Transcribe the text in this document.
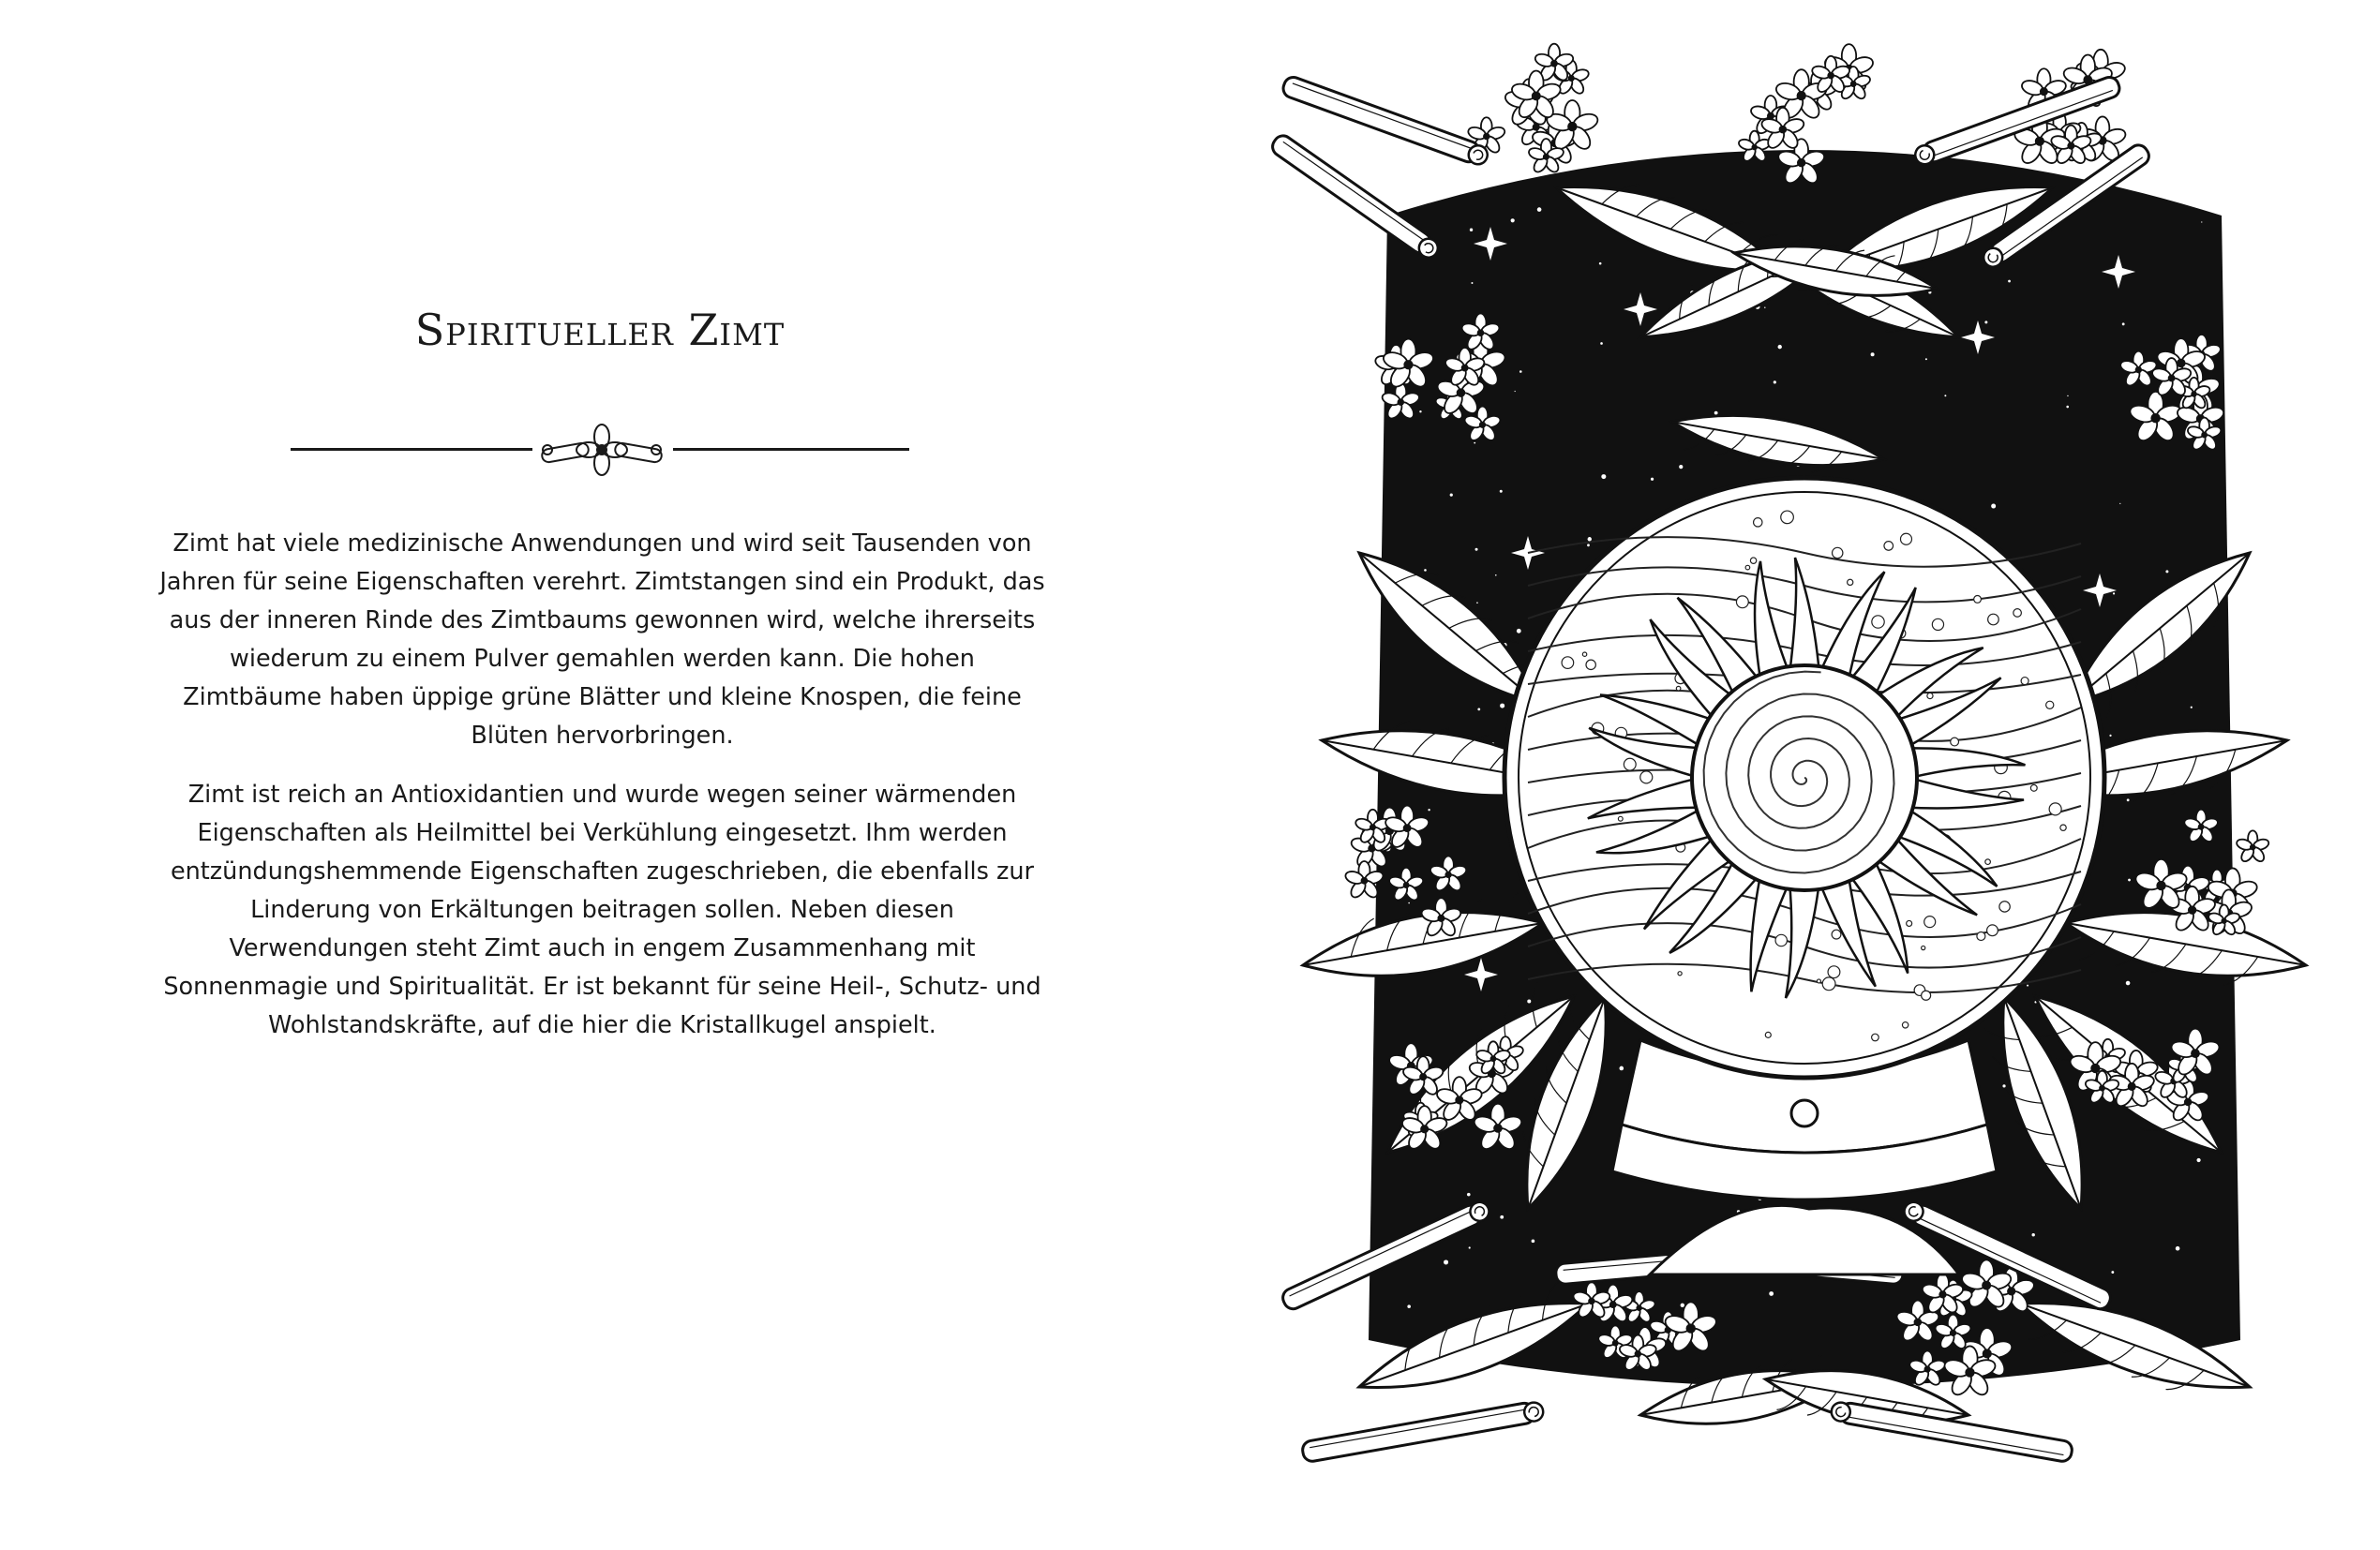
Spiritueller Zimt

Zimt hat viele medizinische Anwendungen und wird seit Tausenden von Jahren für seine Eigenschaften verehrt. Zimtstangen sind ein Produkt, das aus der inneren Rinde des Zimtbaums gewonnen wird, welche ihrerseits wiederum zu einem Pulver gemahlen werden kann. Die hohen Zimtbäume haben üppige grüne Blätter und kleine Knospen, die feine Blüten hervorbringen.

Zimt ist reich an Antioxidantien und wurde wegen seiner wärmenden Eigenschaften als Heilmittel bei Verkühlung eingesetzt. Ihm werden entzündungshemmende Eigenschaften zugeschrieben, die ebenfalls zur Linderung von Erkältungen beitragen sollen. Neben diesen Verwendungen steht Zimt auch in engem Zusammenhang mit Sonnenmagie und Spiritualität. Er ist bekannt für seine Heil-, Schutz- und Wohlstandskräfte, auf die hier die Kristallkugel anspielt.
